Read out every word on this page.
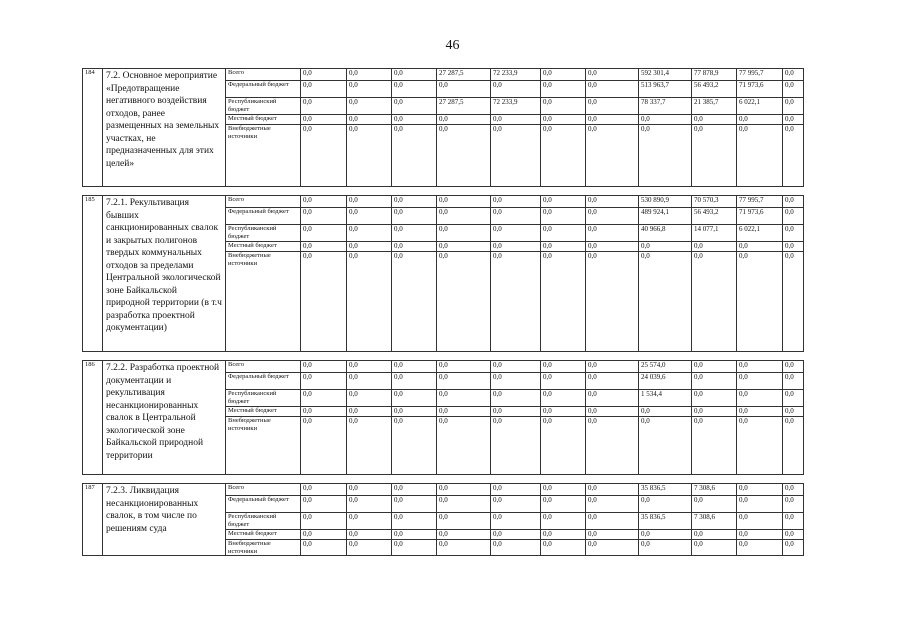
46
184	7.2. Основное мероприятие «Предотвращение негативного воздействия отходов, ранее размещенных на земельных участках, не предназначенных для этих целей»	Всего	0,0	0,0	0,0	27 287,5	72 233,9	0,0	0,0	592 301,4	77 878,9	77 995,7	0,0
		Федеральный бюджет	0,0	0,0	0,0	0,0	0,0	0,0	0,0	513 963,7	56 493,2	71 973,6	0,0
		Республиканский бюджет	0,0	0,0	0,0	27 287,5	72 233,9	0,0	0,0	78 337,7	21 385,7	6 022,1	0,0
		Местный бюджет	0,0	0,0	0,0	0,0	0,0	0,0	0,0	0,0	0,0	0,0	0,0
		Внебюджетные источники	0,0	0,0	0,0	0,0	0,0	0,0	0,0	0,0	0,0	0,0	0,0

185	7.2.1. Рекультивация бывших санкционированных свалок и закрытых полигонов твердых коммунальных отходов за пределами Центральной экологической зоне Байкальской природной территории (в т.ч разработка проектной документации)	Всего	0,0	0,0	0,0	0,0	0,0	0,0	0,0	530 890,9	70 570,3	77 995,7	0,0
		Федеральный бюджет	0,0	0,0	0,0	0,0	0,0	0,0	0,0	489 924,1	56 493,2	71 973,6	0,0
		Республиканский бюджет	0,0	0,0	0,0	0,0	0,0	0,0	0,0	40 966,8	14 077,1	6 022,1	0,0
		Местный бюджет	0,0	0,0	0,0	0,0	0,0	0,0	0,0	0,0	0,0	0,0	0,0
		Внебюджетные источники	0,0	0,0	0,0	0,0	0,0	0,0	0,0	0,0	0,0	0,0	0,0

186	7.2.2. Разработка проектной документации и рекультивация несанкционированных свалок в Центральной экологической зоне Байкальской природной территории	Всего	0,0	0,0	0,0	0,0	0,0	0,0	0,0	25 574,0	0,0	0,0	0,0
		Федеральный бюджет	0,0	0,0	0,0	0,0	0,0	0,0	0,0	24 039,6	0,0	0,0	0,0
		Республиканский бюджет	0,0	0,0	0,0	0,0	0,0	0,0	0,0	1 534,4	0,0	0,0	0,0
		Местный бюджет	0,0	0,0	0,0	0,0	0,0	0,0	0,0	0,0	0,0	0,0	0,0
		Внебюджетные источники	0,0	0,0	0,0	0,0	0,0	0,0	0,0	0,0	0,0	0,0	0,0

187	7.2.3. Ликвидация несанкционированных свалок, в том числе по решениям суда	Всего	0,0	0,0	0,0	0,0	0,0	0,0	0,0	35 836,5	7 308,6	0,0	0,0
		Федеральный бюджет	0,0	0,0	0,0	0,0	0,0	0,0	0,0	0,0	0,0	0,0	0,0
		Республиканский бюджет	0,0	0,0	0,0	0,0	0,0	0,0	0,0	35 836,5	7 308,6	0,0	0,0
		Местный бюджет	0,0	0,0	0,0	0,0	0,0	0,0	0,0	0,0	0,0	0,0	0,0
		Внебюджетные источники	0,0	0,0	0,0	0,0	0,0	0,0	0,0	0,0	0,0	0,0	0,0
